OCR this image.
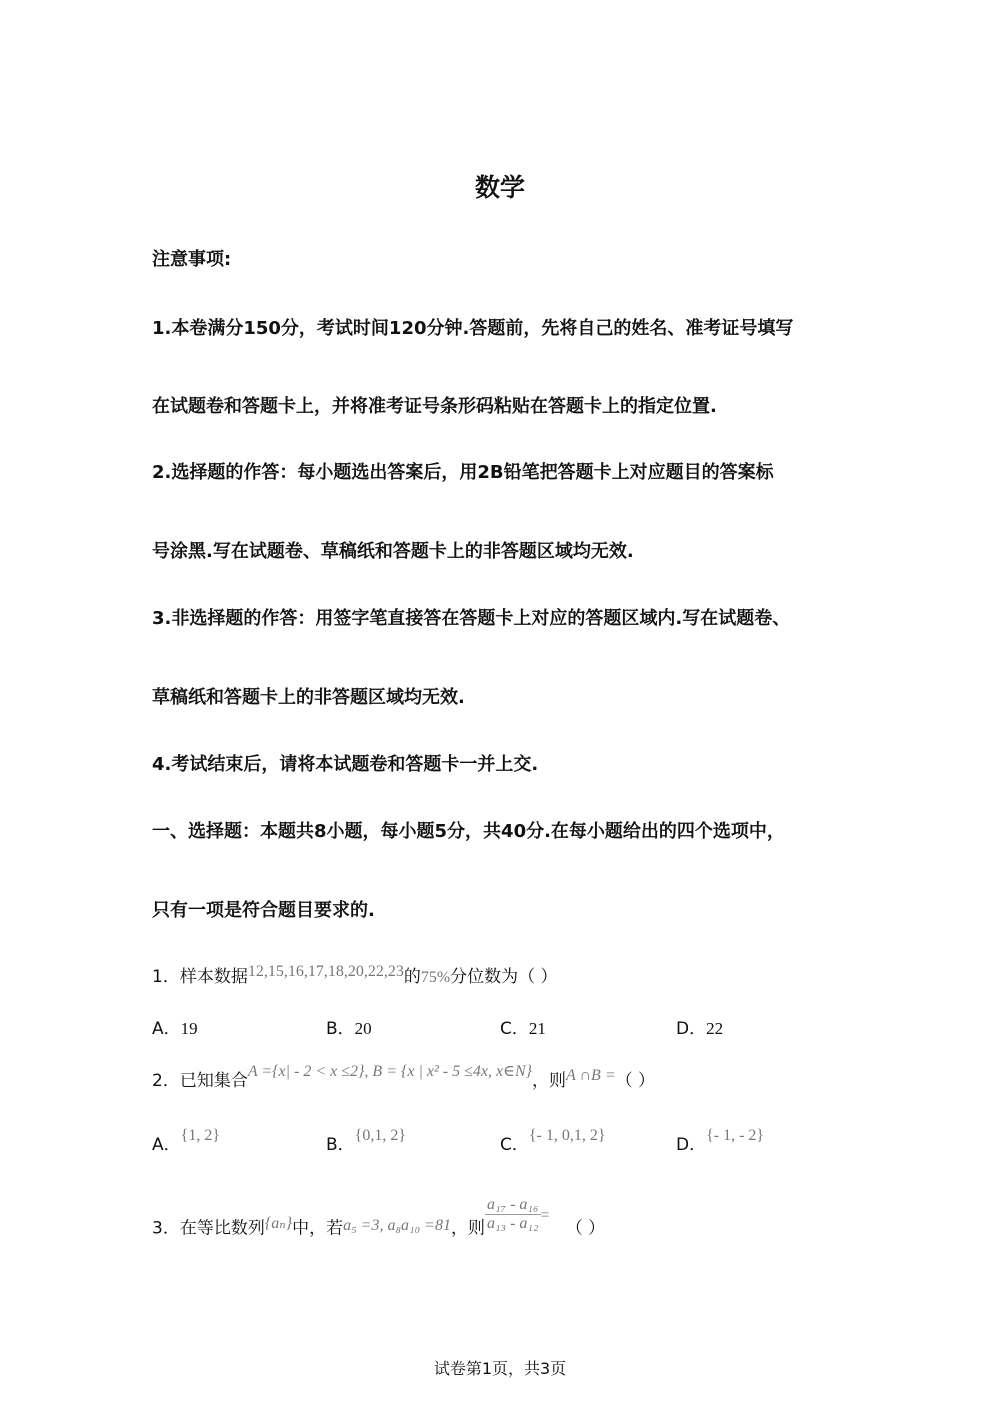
数学
注意事项:
1.本卷满分150分，考试时间120分钟.答题前，先将自己的姓名、准考证号填写
在试题卷和答题卡上，并将准考证号条形码粘贴在答题卡上的指定位置.
2.选择题的作答：每小题选出答案后，用2B铅笔把答题卡上对应题目的答案标
号涂黑.写在试题卷、草稿纸和答题卡上的非答题区域均无效.
3.非选择题的作答：用签字笔直接答在答题卡上对应的答题区域内.写在试题卷、
草稿纸和答题卡上的非答题区域均无效.
4.考试结束后，请将本试题卷和答题卡一并上交.
一、选择题：本题共8小题，每小题5分，共40分.在每小题给出的四个选项中，
只有一项是符合题目要求的.
1．样本数据12,15,16,17,18,20,22,23的75%分位数为（ ）
A．19	B．20	C．21	D．22
2．已知集合A ={x| - 2 < x ≤2}, B = {x | x² - 5 ≤4x, x∈N}，则A ∩B =（ ）
A．{1, 2}	B．{0,1, 2}	C．{- 1, 0,1, 2}	D．{- 1, - 2}
3．在等比数列{aₙ}中，若a₅ =3, a₈a₁₀ =81，则 $\frac{\text{a₁₇ - a₁₆}}{\text{a₁₃ - a₁₂}}$ =   （ ）
试卷第1页，共3页
